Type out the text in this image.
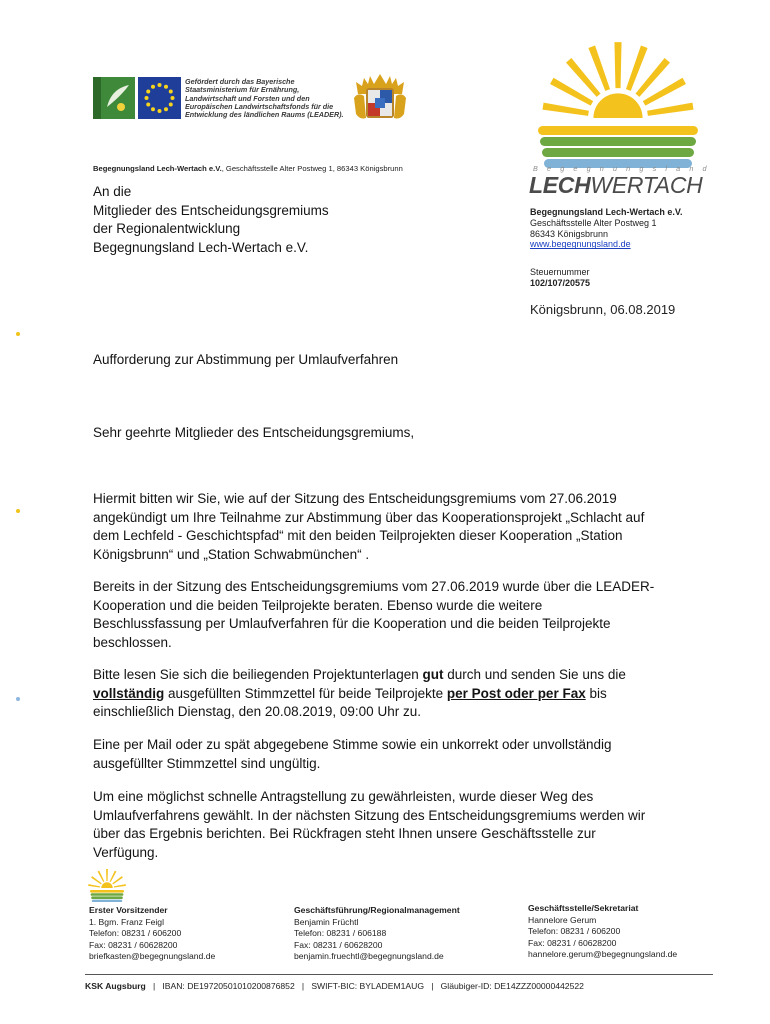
Gefördert durch das Bayerische Staatsministerium für Ernährung, Landwirtschaft und Forsten und den Europäischen Landwirtschaftsfonds für die Entwicklung des ländlichen Raums (LEADER).
Begegnungsland Lech-Wertach e.V., Geschäftsstelle Alter Postweg 1, 86343 Königsbrunn
An die
Mitglieder des Entscheidungsgremiums
der Regionalentwicklung
Begegnungsland Lech-Wertach e.V.
Begegnungsland
LECHWERTACH
Begegnungsland Lech-Wertach e.V.
Geschäftsstelle Alter Postweg 1
86343 Königsbrunn
www.begegnungsland.de
Steuernummer
102/107/20575
Königsbrunn, 06.08.2019
Aufforderung zur Abstimmung per Umlaufverfahren
Sehr geehrte Mitglieder des Entscheidungsgremiums,
Hiermit bitten wir Sie, wie auf der Sitzung des Entscheidungsgremiums vom 27.06.2019
angekündigt um Ihre Teilnahme zur Abstimmung über das Kooperationsprojekt „Schlacht auf
dem Lechfeld - Geschichtspfad“ mit den beiden Teilprojekten dieser Kooperation „Station
Königsbrunn“ und „Station Schwabmünchen“ .
Bereits in der Sitzung des Entscheidungsgremiums vom 27.06.2019 wurde über die LEADER-
Kooperation und die beiden Teilprojekte beraten. Ebenso wurde die weitere
Beschlussfassung per Umlaufverfahren für die Kooperation und die beiden Teilprojekte
beschlossen.
Bitte lesen Sie sich die beiliegenden Projektunterlagen gut durch und senden Sie uns die
vollständig ausgefüllten Stimmzettel für beide Teilprojekte per Post oder per Fax bis
einschließlich Dienstag, den 20.08.2019, 09:00 Uhr zu.
Eine per Mail oder zu spät abgegebene Stimme sowie ein unkorrekt oder unvollständig
ausgefüllter Stimmzettel sind ungültig.
Um eine möglichst schnelle Antragstellung zu gewährleisten, wurde dieser Weg des
Umlaufverfahrens gewählt. In der nächsten Sitzung des Entscheidungsgremiums werden wir
über das Ergebnis berichten. Bei Rückfragen steht Ihnen unsere Geschäftsstelle zur
Verfügung.
Erster Vorsitzender
1. Bgm. Franz Feigl
Telefon: 08231 / 606200
Fax: 08231 / 60628200
briefkasten@begegnungsland.de
Geschäftsführung/Regionalmanagement
Benjamin Früchtl
Telefon: 08231 / 606188
Fax: 08231 / 60628200
benjamin.fruechtl@begegnungsland.de
Geschäftsstelle/Sekretariat
Hannelore Gerum
Telefon: 08231 / 606200
Fax: 08231 / 60628200
hannelore.gerum@begegnungsland.de
KSK Augsburg | IBAN: DE19720501010200876852 | SWIFT-BIC: BYLADEM1AUG | Gläubiger-ID: DE14ZZZ00000442522
